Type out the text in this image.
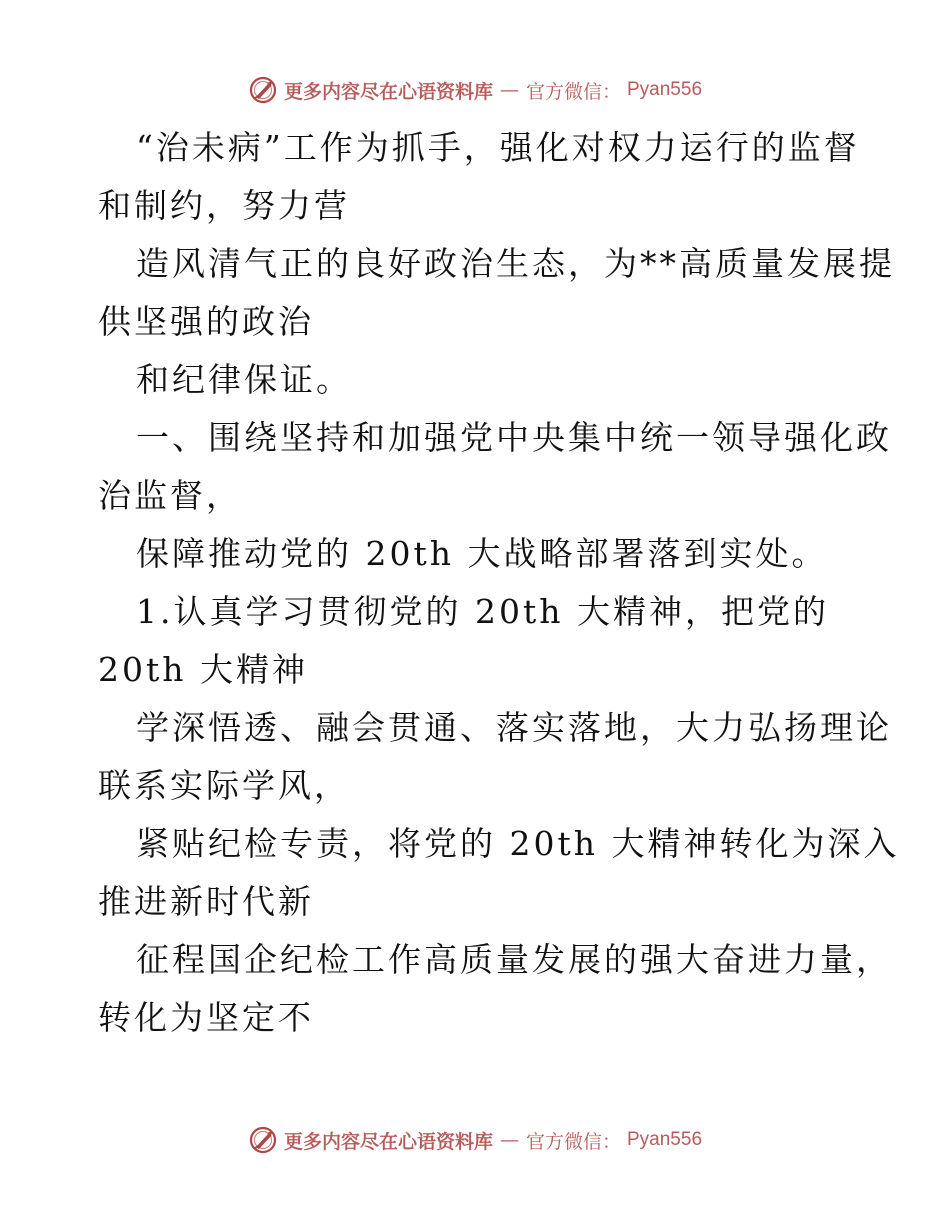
更多内容尽在心语资料库 — 官方微信： Pyan556
“治未病”工作为抓手，强化对权力运行的监督
和制约，努力营
造风清气正的良好政治生态，为**高质量发展提
供坚强的政治
和纪律保证。
一、围绕坚持和加强党中央集中统一领导强化政
治监督，
保障推动党的 20th 大战略部署落到实处。
1.认真学习贯彻党的 20th 大精神，把党的
20th 大精神
学深悟透、融会贯通、落实落地，大力弘扬理论
联系实际学风，
紧贴纪检专责，将党的 20th 大精神转化为深入
推进新时代新
征程国企纪检工作高质量发展的强大奋进力量，
转化为坚定不
更多内容尽在心语资料库 — 官方微信： Pyan556
